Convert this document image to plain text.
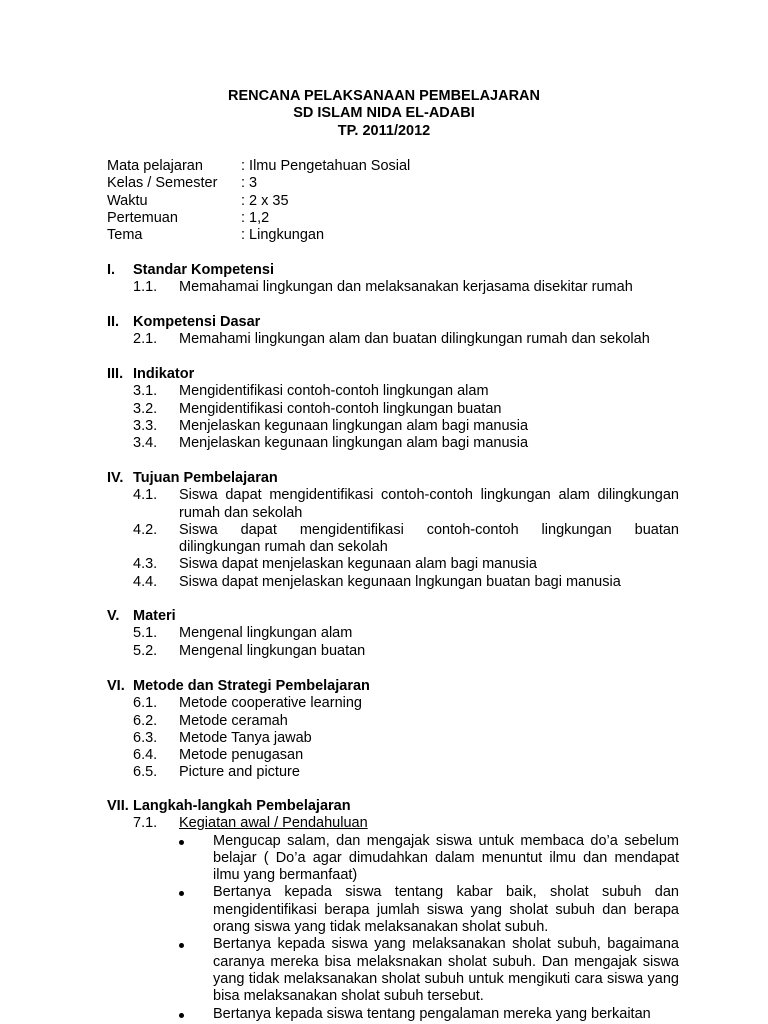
RENCANA PELAKSANAAN PEMBELAJARAN
SD ISLAM NIDA EL-ADABI
TP. 2011/2012
Mata pelajaran	: Ilmu Pengetahuan Sosial
Kelas / Semester	: 3
Waktu	: 2 x 35
Pertemuan	: 1,2
Tema	: Lingkungan
I.	Standar Kompetensi
1.1.	Memahamai lingkungan dan melaksanakan kerjasama disekitar rumah
II. Kompetensi Dasar
2.1.	Memahami lingkungan alam dan buatan dilingkungan rumah dan sekolah
III. Indikator
3.1.	Mengidentifikasi contoh-contoh lingkungan alam
3.2.	Mengidentifikasi contoh-contoh lingkungan buatan
3.3.	Menjelaskan kegunaan lingkungan alam bagi manusia
3.4.	Menjelaskan kegunaan lingkungan alam bagi manusia
IV. Tujuan Pembelajaran
4.1.	Siswa dapat mengidentifikasi contoh-contoh lingkungan alam dilingkungan
rumah dan sekolah
4.2.	Siswa dapat mengidentifikasi contoh-contoh lingkungan buatan
dilingkungan rumah dan sekolah
4.3.	Siswa dapat menjelaskan kegunaan alam bagi manusia
4.4.	Siswa dapat menjelaskan kegunaan lngkungan buatan bagi manusia
V. Materi
5.1.	Mengenal lingkungan alam
5.2.	Mengenal lingkungan buatan
VI. Metode dan Strategi Pembelajaran
6.1.	Metode cooperative learning
6.2.	Metode ceramah
6.3.	Metode Tanya jawab
6.4.	Metode penugasan
6.5.	Picture and picture
VII. Langkah-langkah Pembelajaran
7.1.	Kegiatan awal / Pendahuluan
Mengucap salam, dan mengajak siswa untuk membaca do’a sebelum belajar ( Do’a agar dimudahkan dalam menuntut ilmu dan mendapat ilmu yang bermanfaat)
Bertanya kepada siswa tentang kabar baik, sholat subuh dan mengidentifikasi berapa jumlah siswa yang sholat subuh dan berapa orang siswa yang tidak melaksanakan sholat subuh.
Bertanya kepada siswa yang melaksanakan sholat subuh, bagaimana caranya mereka bisa melaksnakan sholat subuh. Dan mengajak siswa yang tidak melaksanakan sholat subuh untuk mengikuti cara siswa yang bisa melaksanakan sholat subuh tersebut.
Bertanya kepada siswa tentang pengalaman mereka yang berkaitan
